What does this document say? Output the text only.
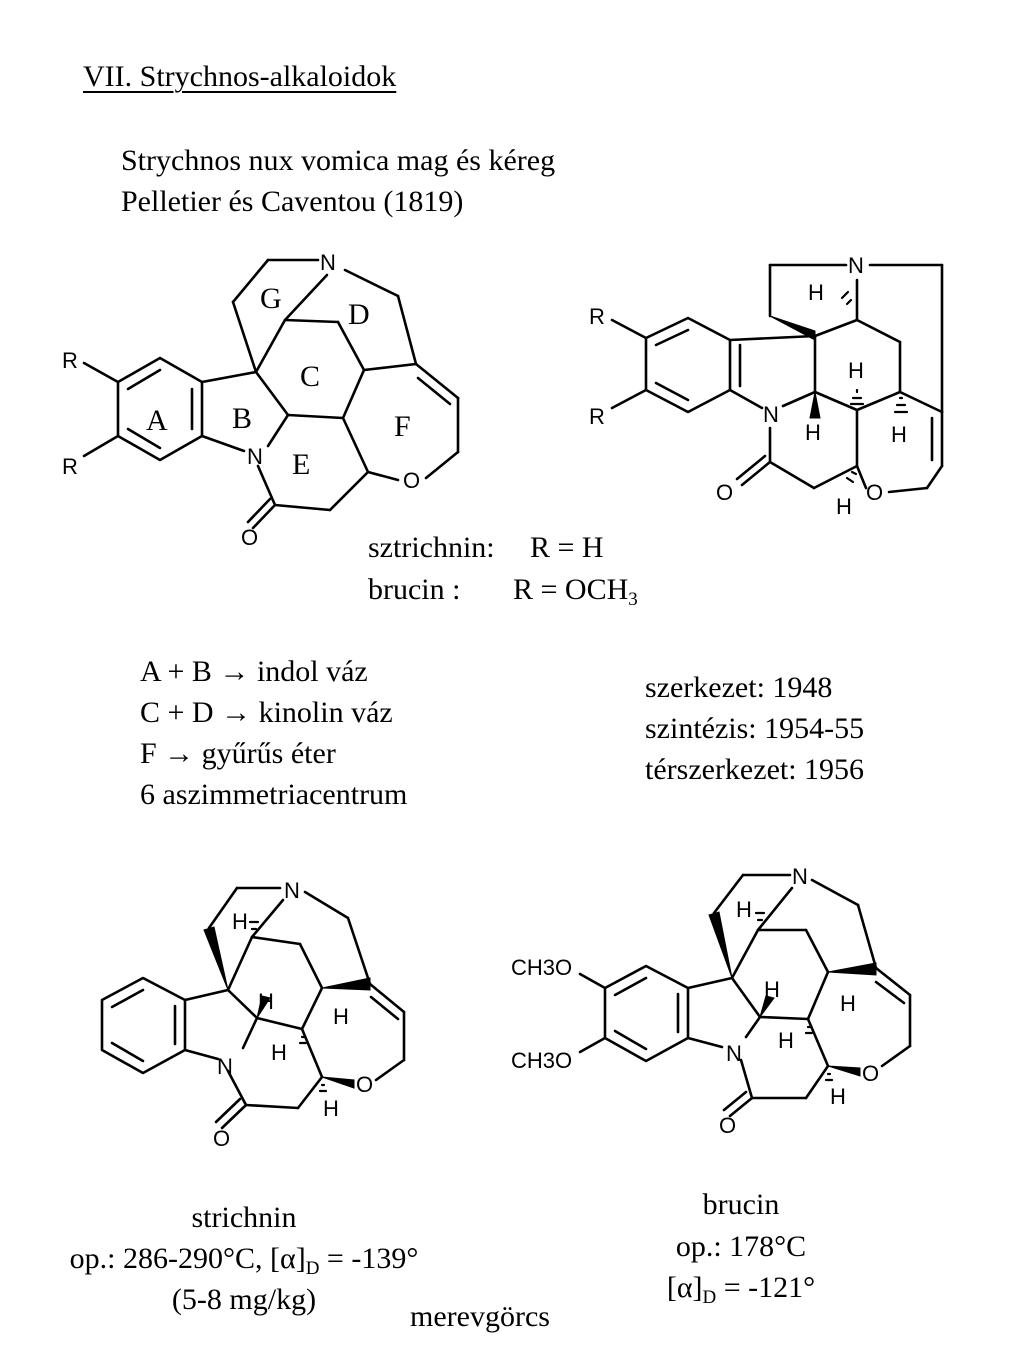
VII. Strychnos-alkaloidok
Strychnos nux vomica mag és kéreg
Pelletier és Caventou (1819)
N
N
O
O
R
R
A B
C
D
E
F
G
N
N
O
O
R
R
H
H
H	H
H
sztrichnin: R = H
brucin : $R = OCH_3$
A + B → indol váz
C + D → kinolin váz
F → gyűrűs éter
6 aszimmetriacentrum
szerkezet: 1948
szintézis: 1954-55
térszerkezet: 1956
N
N
O
O
H
H
H
H
H
N
N
O
O
CH3O
CH3O
H
H
H
H
H
strichnin
op.: 286-290°C, $[\alpha]_D = -139^\circ$
(5-8 mg/kg)
merevgörcs
brucin
op.: 178°C
$[\alpha]_D = -121^\circ$
